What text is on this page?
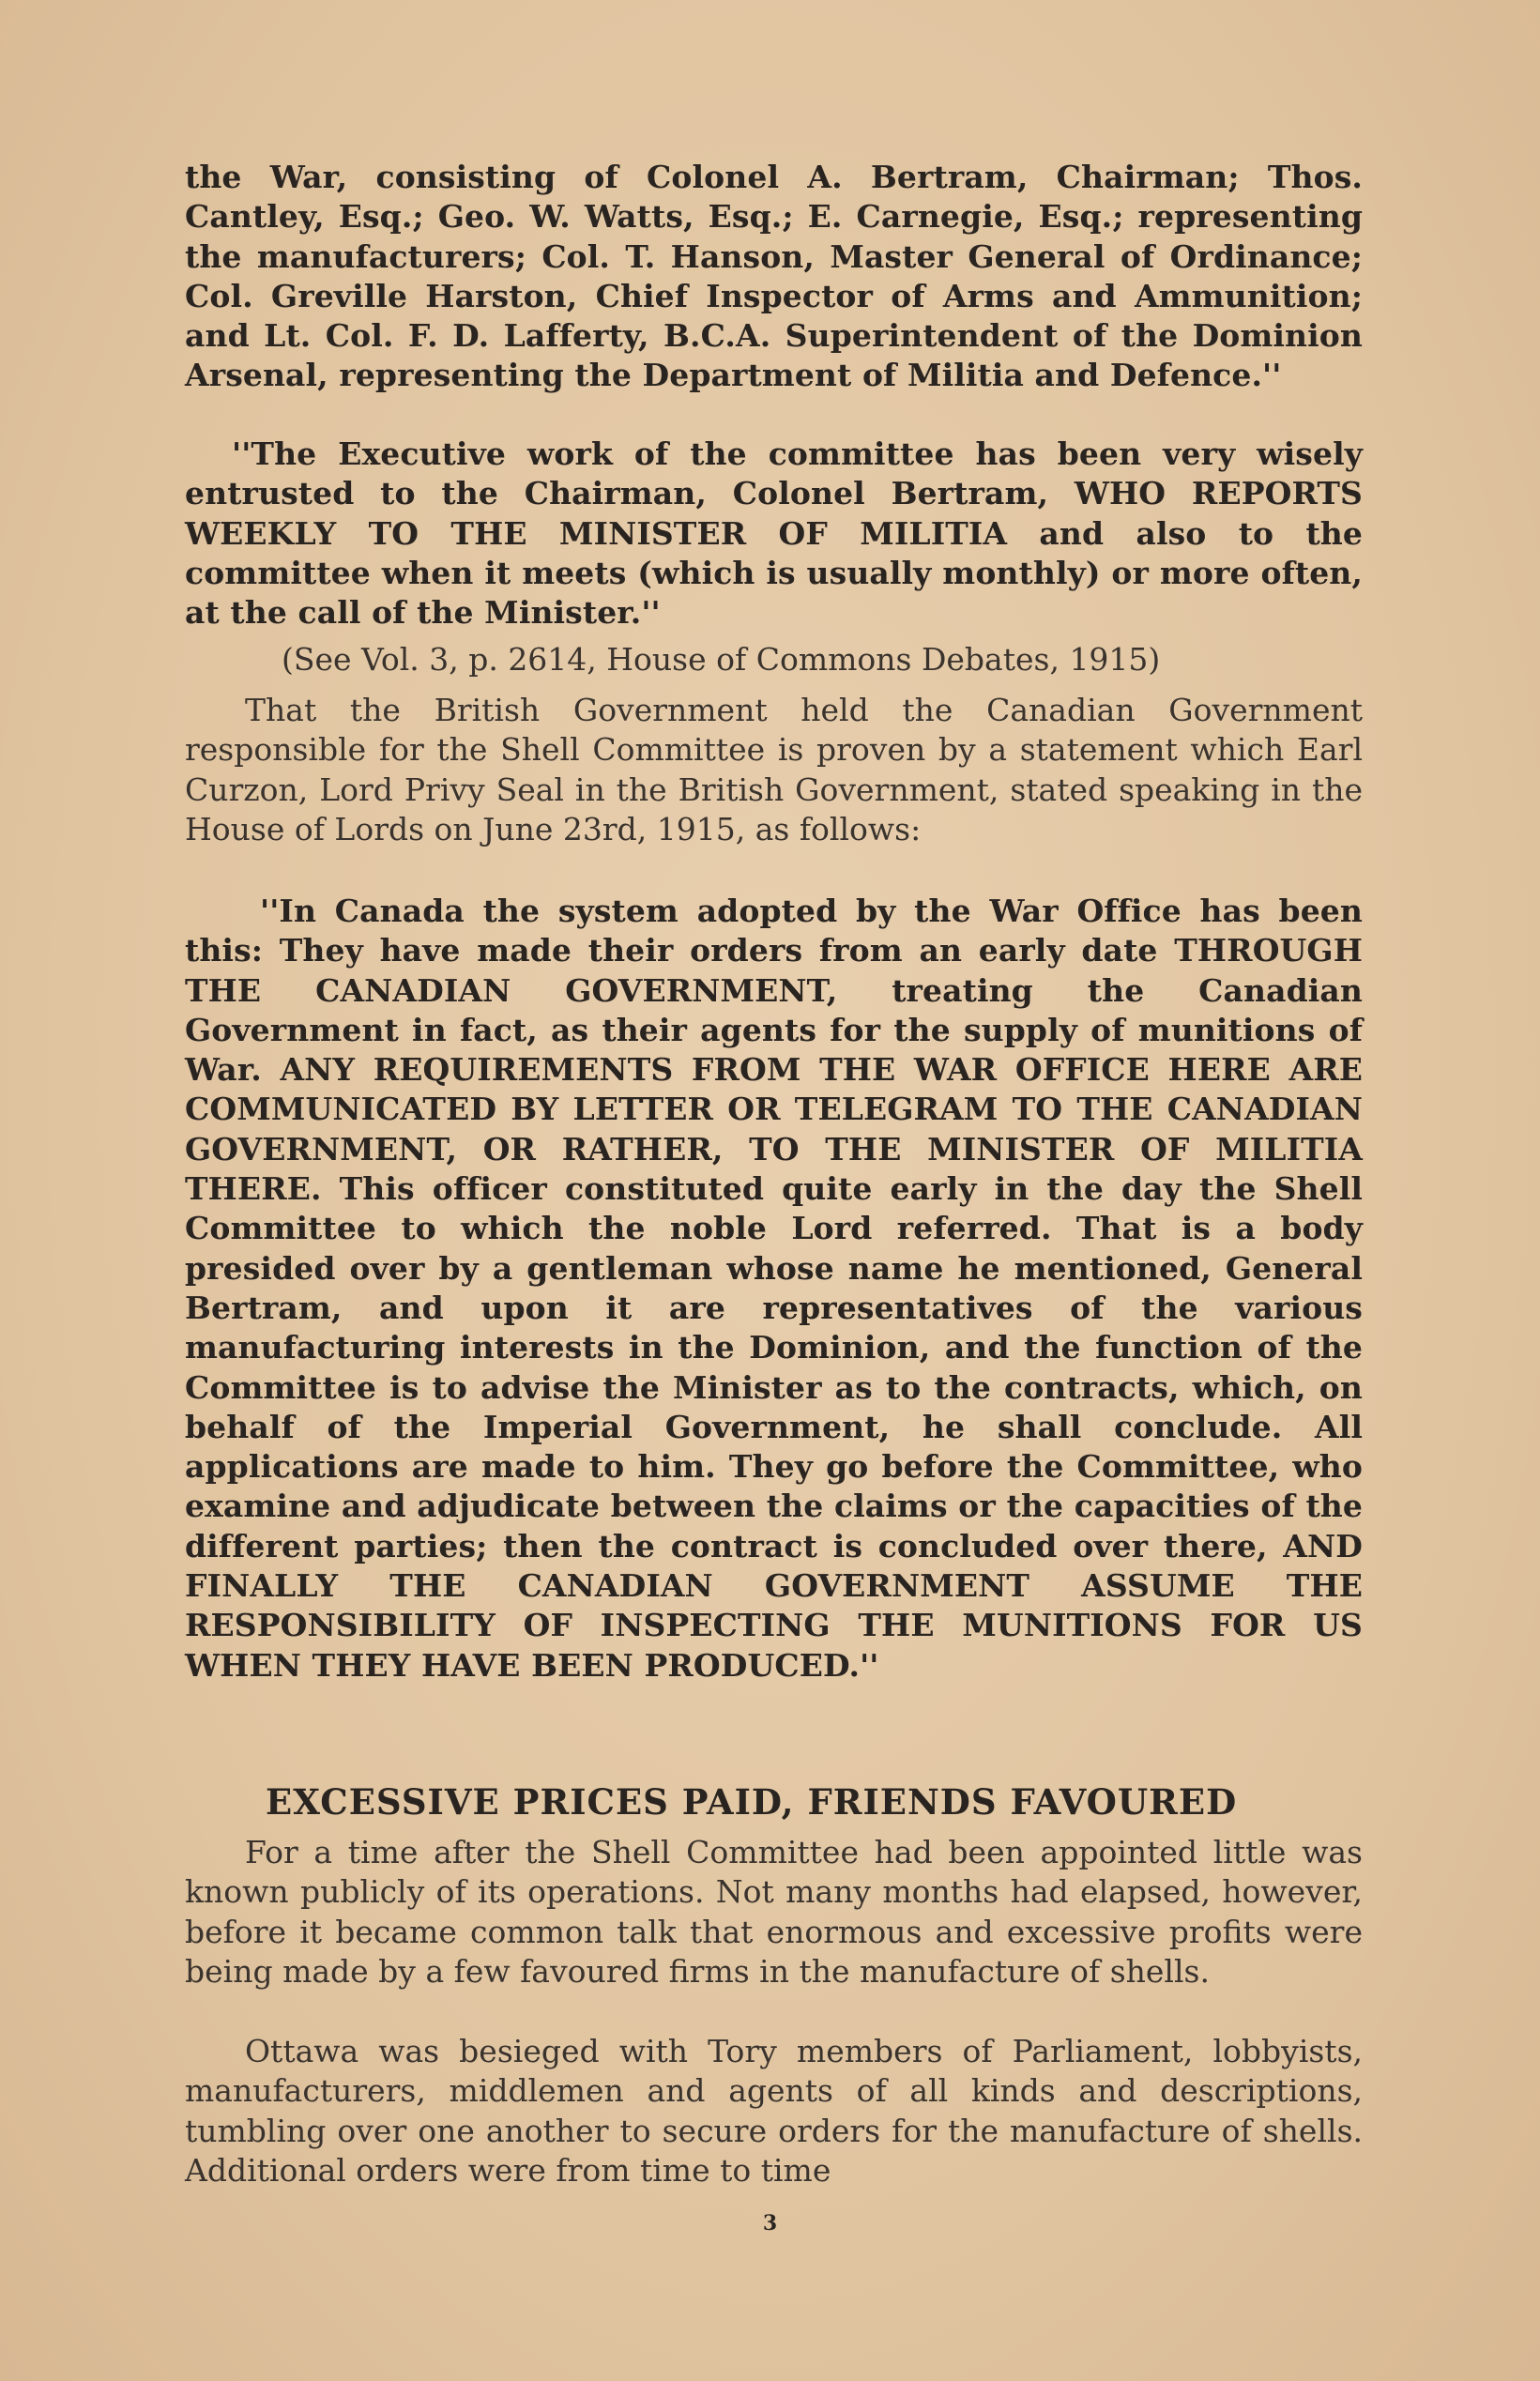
the War, consisting of Colonel A. Bertram, Chairman; Thos. Cantley, Esq.; Geo. W. Watts, Esq.; E. Carnegie, Esq.; representing the manufacturers; Col. T. Hanson, Master General of Ordinance; Col. Greville Harston, Chief Inspector of Arms and Ammunition; and Lt. Col. F. D. Lafferty, B.C.A. Superintendent of the Dominion Arsenal, representing the Department of Militia and Defence.''

''The Executive work of the committee has been very wisely entrusted to the Chairman, Colonel Bertram, WHO REPORTS WEEKLY TO THE MINISTER OF MILITIA and also to the committee when it meets (which is usually monthly) or more often, at the call of the Minister.''

(See Vol. 3, p. 2614, House of Commons Debates, 1915)

That the British Government held the Canadian Government responsible for the Shell Committee is proven by a statement which Earl Curzon, Lord Privy Seal in the British Government, stated speaking in the House of Lords on June 23rd, 1915, as follows:

''In Canada the system adopted by the War Office has been this: They have made their orders from an early date THROUGH THE CANADIAN GOVERNMENT, treating the Canadian Government in fact, as their agents for the supply of munitions of War. ANY REQUIREMENTS FROM THE WAR OFFICE HERE ARE COMMUNICATED BY LETTER OR TELEGRAM TO THE CANADIAN GOVERNMENT, OR RATHER, TO THE MINISTER OF MILITIA THERE. This officer constituted quite early in the day the Shell Committee to which the noble Lord referred. That is a body presided over by a gentleman whose name he mentioned, General Bertram, and upon it are representatives of the various manufacturing interests in the Dominion, and the function of the Committee is to advise the Minister as to the contracts, which, on behalf of the Imperial Government, he shall conclude. All applications are made to him. They go before the Committee, who examine and adjudicate between the claims or the capacities of the different parties; then the contract is concluded over there, AND FINALLY THE CANADIAN GOVERNMENT ASSUME THE RESPONSIBILITY OF INSPECTING THE MUNITIONS FOR US WHEN THEY HAVE BEEN PRODUCED.''

EXCESSIVE PRICES PAID, FRIENDS FAVOURED

For a time after the Shell Committee had been appointed little was known publicly of its operations. Not many months had elapsed, however, before it became common talk that enormous and excessive profits were being made by a few favoured firms in the manufacture of shells.

Ottawa was besieged with Tory members of Parliament, lobbyists, manufacturers, middlemen and agents of all kinds and descriptions, tumbling over one another to secure orders for the manufacture of shells. Additional orders were from time to time

3
